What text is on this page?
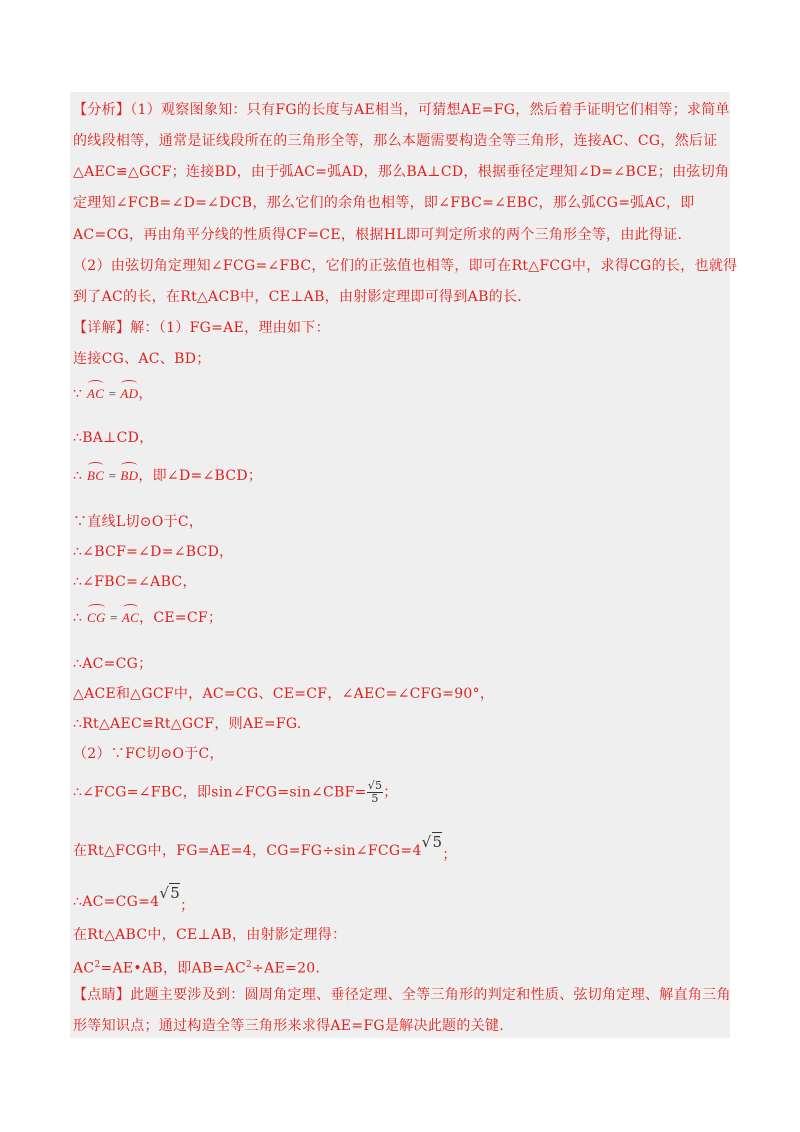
【分析】（1）观察图象知：只有FG的长度与AE相当，可猜想AE=FG，然后着手证明它们相等；求简单
的线段相等，通常是证线段所在的三角形全等，那么本题需要构造全等三角形，连接AC、CG，然后证
△AEC≌△GCF；连接BD，由于弧AC=弧AD，那么BA⊥CD，根据垂径定理知∠D=∠BCE；由弦切角
定理知∠FCB=∠D=∠DCB，那么它们的余角也相等，即∠FBC=∠EBC，那么弧CG=弧AC，即
AC=CG，再由角平分线的性质得CF=CE，根据HL即可判定所求的两个三角形全等，由此得证.
（2）由弦切角定理知∠FCG=∠FBC，它们的正弦值也相等，即可在Rt△FCG中，求得CG的长，也就得
到了AC的长，在Rt△ACB中，CE⊥AB，由射影定理即可得到AB的长.
【详解】解：（1）FG=AE，理由如下：
连接CG、AC、BD；
∵ AC = AD，
∴BA⊥CD，
∴ BC = BD，即∠D=∠BCD；
∵直线L切⊙O于C，
∴∠BCF=∠D=∠BCD，
∴∠FBC=∠ABC，
∴ CG = AC，CE=CF；
∴AC=CG；
△ACE和△GCF中，AC=CG、CE=CF，∠AEC=∠CFG=90°，
∴Rt△AEC≌Rt△GCF，则AE=FG.
（2）∵FC切⊙O于C，
∴∠FCG=∠FBC，即sin∠FCG=sin∠CBF= $\frac{√5}{5}$ ；
在Rt△FCG中，FG=AE=4，CG=FG÷sin∠FCG=4√5；
∴AC=CG=4√5；
在Rt△ABC中，CE⊥AB，由射影定理得：
$AC^2=AE•AB$，即$AB=AC^2\div AE=20$.
【点睛】此题主要涉及到：圆周角定理、垂径定理、全等三角形的判定和性质、弦切角定理、解直角三角
形等知识点；通过构造全等三角形来求得AE=FG是解决此题的关键.
